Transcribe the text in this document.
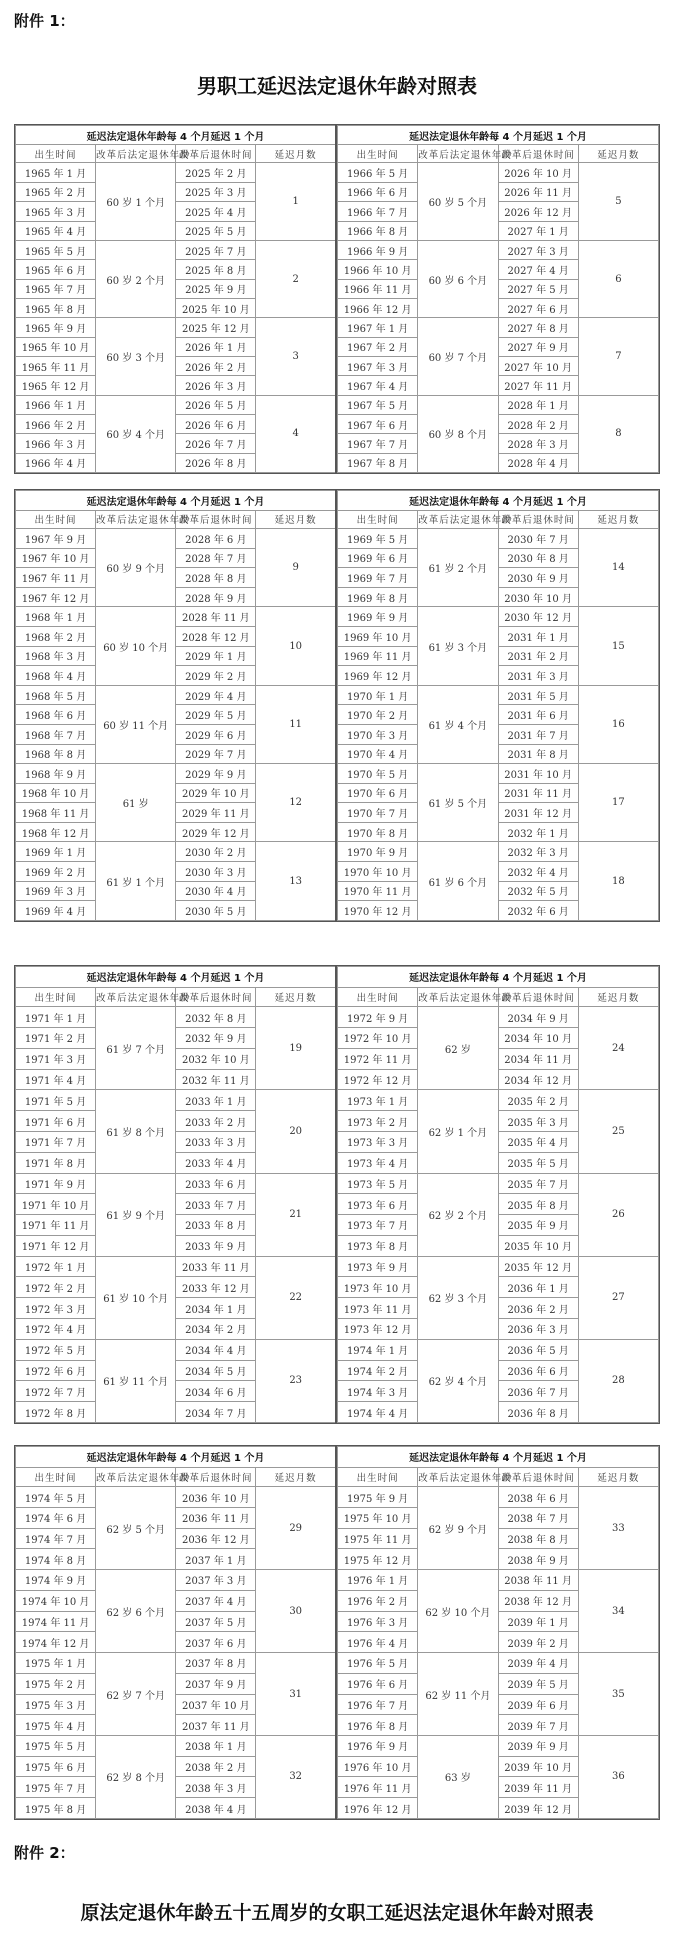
附件 1：
男职工延迟法定退休年龄对照表
延迟法定退休年龄每 4 个月延迟 1 个月			
出生时间	改革后法定退休年龄	改革后退休时间	延迟月数
1965 年 1 月	60 岁 1 个月	2025 年 2 月	1
1965 年 2 月		2025 年 3 月	
1965 年 3 月		2025 年 4 月	
1965 年 4 月		2025 年 5 月	
1965 年 5 月	60 岁 2 个月	2025 年 7 月	2
1965 年 6 月		2025 年 8 月	
1965 年 7 月		2025 年 9 月	
1965 年 8 月		2025 年 10 月	
1965 年 9 月	60 岁 3 个月	2025 年 12 月	3
1965 年 10 月		2026 年 1 月	
1965 年 11 月		2026 年 2 月	
1965 年 12 月		2026 年 3 月	
1966 年 1 月	60 岁 4 个月	2026 年 5 月	4
1966 年 2 月		2026 年 6 月	
1966 年 3 月		2026 年 7 月	
1966 年 4 月		2026 年 8 月	
延迟法定退休年龄每 4 个月延迟 1 个月			
出生时间	改革后法定退休年龄	改革后退休时间	延迟月数
1966 年 5 月	60 岁 5 个月	2026 年 10 月	5
1966 年 6 月		2026 年 11 月	
1966 年 7 月		2026 年 12 月	
1966 年 8 月		2027 年 1 月	
1966 年 9 月	60 岁 6 个月	2027 年 3 月	6
1966 年 10 月		2027 年 4 月	
1966 年 11 月		2027 年 5 月	
1966 年 12 月		2027 年 6 月	
1967 年 1 月	60 岁 7 个月	2027 年 8 月	7
1967 年 2 月		2027 年 9 月	
1967 年 3 月		2027 年 10 月	
1967 年 4 月		2027 年 11 月	
1967 年 5 月	60 岁 8 个月	2028 年 1 月	8
1967 年 6 月		2028 年 2 月	
1967 年 7 月		2028 年 3 月	
1967 年 8 月		2028 年 4 月	
延迟法定退休年龄每 4 个月延迟 1 个月			
出生时间	改革后法定退休年龄	改革后退休时间	延迟月数
1967 年 9 月	60 岁 9 个月	2028 年 6 月	9
1967 年 10 月		2028 年 7 月	
1967 年 11 月		2028 年 8 月	
1967 年 12 月		2028 年 9 月	
1968 年 1 月	60 岁 10 个月	2028 年 11 月	10
1968 年 2 月		2028 年 12 月	
1968 年 3 月		2029 年 1 月	
1968 年 4 月		2029 年 2 月	
1968 年 5 月	60 岁 11 个月	2029 年 4 月	11
1968 年 6 月		2029 年 5 月	
1968 年 7 月		2029 年 6 月	
1968 年 8 月		2029 年 7 月	
1968 年 9 月	61 岁	2029 年 9 月	12
1968 年 10 月		2029 年 10 月	
1968 年 11 月		2029 年 11 月	
1968 年 12 月		2029 年 12 月	
1969 年 1 月	61 岁 1 个月	2030 年 2 月	13
1969 年 2 月		2030 年 3 月	
1969 年 3 月		2030 年 4 月	
1969 年 4 月		2030 年 5 月	
延迟法定退休年龄每 4 个月延迟 1 个月			
出生时间	改革后法定退休年龄	改革后退休时间	延迟月数
1969 年 5 月	61 岁 2 个月	2030 年 7 月	14
1969 年 6 月		2030 年 8 月	
1969 年 7 月		2030 年 9 月	
1969 年 8 月		2030 年 10 月	
1969 年 9 月	61 岁 3 个月	2030 年 12 月	15
1969 年 10 月		2031 年 1 月	
1969 年 11 月		2031 年 2 月	
1969 年 12 月		2031 年 3 月	
1970 年 1 月	61 岁 4 个月	2031 年 5 月	16
1970 年 2 月		2031 年 6 月	
1970 年 3 月		2031 年 7 月	
1970 年 4 月		2031 年 8 月	
1970 年 5 月	61 岁 5 个月	2031 年 10 月	17
1970 年 6 月		2031 年 11 月	
1970 年 7 月		2031 年 12 月	
1970 年 8 月		2032 年 1 月	
1970 年 9 月	61 岁 6 个月	2032 年 3 月	18
1970 年 10 月		2032 年 4 月	
1970 年 11 月		2032 年 5 月	
1970 年 12 月		2032 年 6 月	
延迟法定退休年龄每 4 个月延迟 1 个月			
出生时间	改革后法定退休年龄	改革后退休时间	延迟月数
1971 年 1 月	61 岁 7 个月	2032 年 8 月	19
1971 年 2 月		2032 年 9 月	
1971 年 3 月		2032 年 10 月	
1971 年 4 月		2032 年 11 月	
1971 年 5 月	61 岁 8 个月	2033 年 1 月	20
1971 年 6 月		2033 年 2 月	
1971 年 7 月		2033 年 3 月	
1971 年 8 月		2033 年 4 月	
1971 年 9 月	61 岁 9 个月	2033 年 6 月	21
1971 年 10 月		2033 年 7 月	
1971 年 11 月		2033 年 8 月	
1971 年 12 月		2033 年 9 月	
1972 年 1 月	61 岁 10 个月	2033 年 11 月	22
1972 年 2 月		2033 年 12 月	
1972 年 3 月		2034 年 1 月	
1972 年 4 月		2034 年 2 月	
1972 年 5 月	61 岁 11 个月	2034 年 4 月	23
1972 年 6 月		2034 年 5 月	
1972 年 7 月		2034 年 6 月	
1972 年 8 月		2034 年 7 月	
延迟法定退休年龄每 4 个月延迟 1 个月			
出生时间	改革后法定退休年龄	改革后退休时间	延迟月数
1972 年 9 月	62 岁	2034 年 9 月	24
1972 年 10 月		2034 年 10 月	
1972 年 11 月		2034 年 11 月	
1972 年 12 月		2034 年 12 月	
1973 年 1 月	62 岁 1 个月	2035 年 2 月	25
1973 年 2 月		2035 年 3 月	
1973 年 3 月		2035 年 4 月	
1973 年 4 月		2035 年 5 月	
1973 年 5 月	62 岁 2 个月	2035 年 7 月	26
1973 年 6 月		2035 年 8 月	
1973 年 7 月		2035 年 9 月	
1973 年 8 月		2035 年 10 月	
1973 年 9 月	62 岁 3 个月	2035 年 12 月	27
1973 年 10 月		2036 年 1 月	
1973 年 11 月		2036 年 2 月	
1973 年 12 月		2036 年 3 月	
1974 年 1 月	62 岁 4 个月	2036 年 5 月	28
1974 年 2 月		2036 年 6 月	
1974 年 3 月		2036 年 7 月	
1974 年 4 月		2036 年 8 月	
延迟法定退休年龄每 4 个月延迟 1 个月			
出生时间	改革后法定退休年龄	改革后退休时间	延迟月数
1974 年 5 月	62 岁 5 个月	2036 年 10 月	29
1974 年 6 月		2036 年 11 月	
1974 年 7 月		2036 年 12 月	
1974 年 8 月		2037 年 1 月	
1974 年 9 月	62 岁 6 个月	2037 年 3 月	30
1974 年 10 月		2037 年 4 月	
1974 年 11 月		2037 年 5 月	
1974 年 12 月		2037 年 6 月	
1975 年 1 月	62 岁 7 个月	2037 年 8 月	31
1975 年 2 月		2037 年 9 月	
1975 年 3 月		2037 年 10 月	
1975 年 4 月		2037 年 11 月	
1975 年 5 月	62 岁 8 个月	2038 年 1 月	32
1975 年 6 月		2038 年 2 月	
1975 年 7 月		2038 年 3 月	
1975 年 8 月		2038 年 4 月	
延迟法定退休年龄每 4 个月延迟 1 个月			
出生时间	改革后法定退休年龄	改革后退休时间	延迟月数
1975 年 9 月	62 岁 9 个月	2038 年 6 月	33
1975 年 10 月		2038 年 7 月	
1975 年 11 月		2038 年 8 月	
1975 年 12 月		2038 年 9 月	
1976 年 1 月	62 岁 10 个月	2038 年 11 月	34
1976 年 2 月		2038 年 12 月	
1976 年 3 月		2039 年 1 月	
1976 年 4 月		2039 年 2 月	
1976 年 5 月	62 岁 11 个月	2039 年 4 月	35
1976 年 6 月		2039 年 5 月	
1976 年 7 月		2039 年 6 月	
1976 年 8 月		2039 年 7 月	
1976 年 9 月	63 岁	2039 年 9 月	36
1976 年 10 月		2039 年 10 月	
1976 年 11 月		2039 年 11 月	
1976 年 12 月		2039 年 12 月	
附件 2：
原法定退休年龄五十五周岁的女职工延迟法定退休年龄对照表
